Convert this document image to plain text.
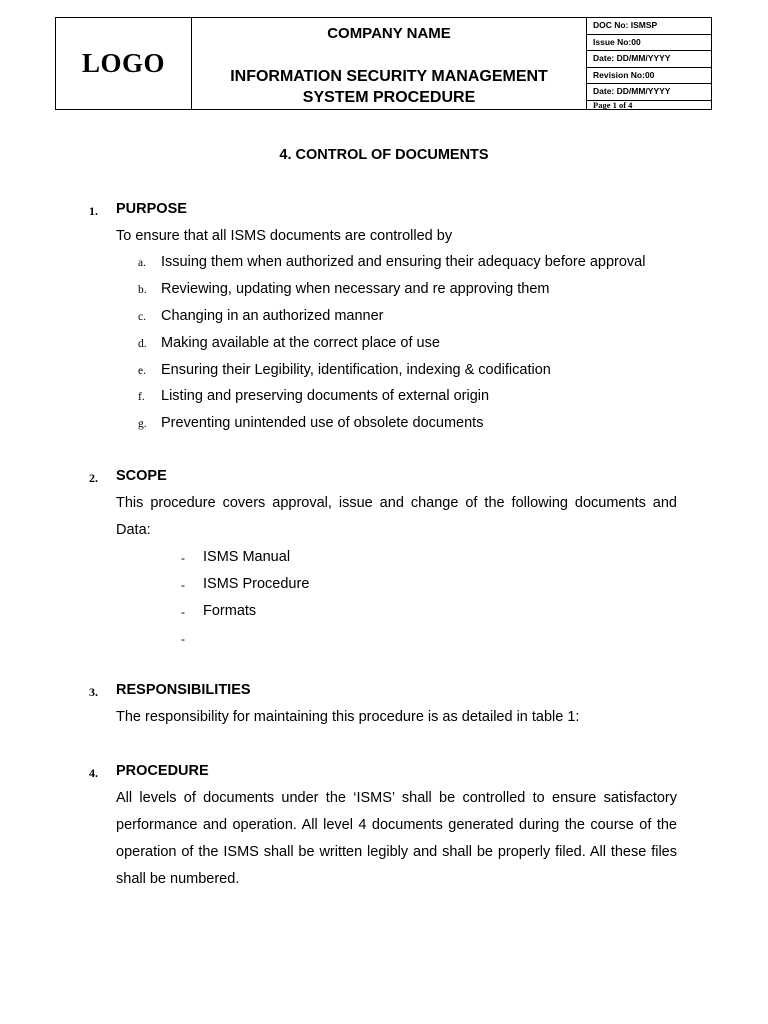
LOGO
COMPANY NAME
INFORMATION SECURITY MANAGEMENT
SYSTEM PROCEDURE
DOC No: ISMSP
Issue No:00
Date: DD/MM/YYYY
Revision No:00
Date: DD/MM/YYYY
Page 1 of 4
4. CONTROL OF DOCUMENTS
1. PURPOSE
To ensure that all ISMS documents are controlled by
a. Issuing them when authorized and ensuring their adequacy before approval
b. Reviewing, updating when necessary and re approving them
c. Changing in an authorized manner
d. Making available at the correct place of use
e. Ensuring their Legibility, identification, indexing & codification
f. Listing and preserving documents of external origin
g. Preventing unintended use of obsolete documents
2. SCOPE
This procedure covers approval, issue and change of the following documents and Data:
- ISMS Manual
- ISMS Procedure
- Formats
-
3. RESPONSIBILITIES
The responsibility for maintaining this procedure is as detailed in table 1:
4. PROCEDURE
All levels of documents under the ‘ISMS’ shall be controlled to ensure satisfactory performance and operation. All level 4 documents generated during the course of the operation of the ISMS shall be written legibly and shall be properly filed. All these files shall be numbered.
